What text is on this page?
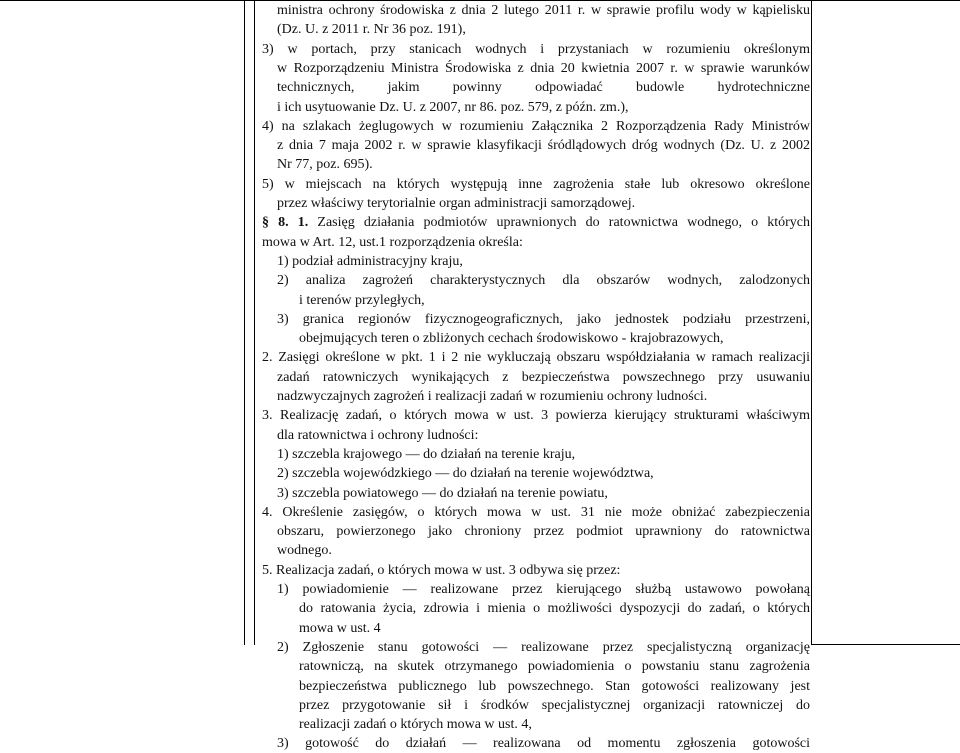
ministra ochrony środowiska z dnia 2 lutego 2011 r. w sprawie profilu wody w kąpielisku
(Dz. U. z 2011 r. Nr 36 poz. 191),
3) w portach, przy stanicach wodnych i przystaniach w rozumieniu określonym
w Rozporządzeniu Ministra Środowiska z dnia 20 kwietnia 2007 r. w sprawie warunków
technicznych, jakim powinny odpowiadać budowle hydrotechniczne
i ich usytuowanie Dz. U. z 2007, nr 86. poz. 579, z późn. zm.),
4) na szlakach żeglugowych w rozumieniu Załącznika 2 Rozporządzenia Rady Ministrów
z dnia 7 maja 2002 r. w sprawie klasyfikacji śródlądowych dróg wodnych (Dz. U. z 2002
Nr 77, poz. 695).
5) w miejscach na których występują inne zagrożenia stałe lub okresowo określone
przez właściwy terytorialnie organ administracji samorządowej.
§ 8. 1. Zasięg działania podmiotów uprawnionych do ratownictwa wodnego, o których
mowa w Art. 12, ust.1 rozporządzenia określa:
1) podział administracyjny kraju,
2) analiza zagrożeń charakterystycznych dla obszarów wodnych, zalodzonych
i terenów przyległych,
3) granica regionów fizycznogeograficznych, jako jednostek podziału przestrzeni,
obejmujących teren o zbliżonych cechach środowiskowo - krajobrazowych,
2. Zasięgi określone w pkt. 1 i 2 nie wykluczają obszaru współdziałania w ramach realizacji
zadań ratowniczych wynikających z bezpieczeństwa powszechnego przy usuwaniu
nadzwyczajnych zagrożeń i realizacji zadań w rozumieniu ochrony ludności.
3. Realizację zadań, o których mowa w ust. 3 powierza kierujący strukturami właściwym
dla ratownictwa i ochrony ludności:
1) szczebla krajowego — do działań na terenie kraju,
2) szczebla wojewódzkiego — do działań na terenie województwa,
3) szczebla powiatowego — do działań na terenie powiatu,
4. Określenie zasięgów, o których mowa w ust. 31 nie może obniżać zabezpieczenia
obszaru, powierzonego jako chroniony przez podmiot uprawniony do ratownictwa
wodnego.
5. Realizacja zadań, o których mowa w ust. 3 odbywa się przez:
1) powiadomienie — realizowane przez kierującego służbą ustawowo powołaną
do ratowania życia, zdrowia i mienia o możliwości dyspozycji do zadań, o których
mowa w ust. 4
2) Zgłoszenie stanu gotowości — realizowane przez specjalistyczną organizację
ratowniczą, na skutek otrzymanego powiadomienia o powstaniu stanu zagrożenia
bezpieczeństwa publicznego lub powszechnego. Stan gotowości realizowany jest
przez przygotowanie sił i środków specjalistycznej organizacji ratowniczej do
realizacji zadań o których mowa w ust. 4,
3) gotowość do działań — realizowana od momentu zgłoszenia gotowości
